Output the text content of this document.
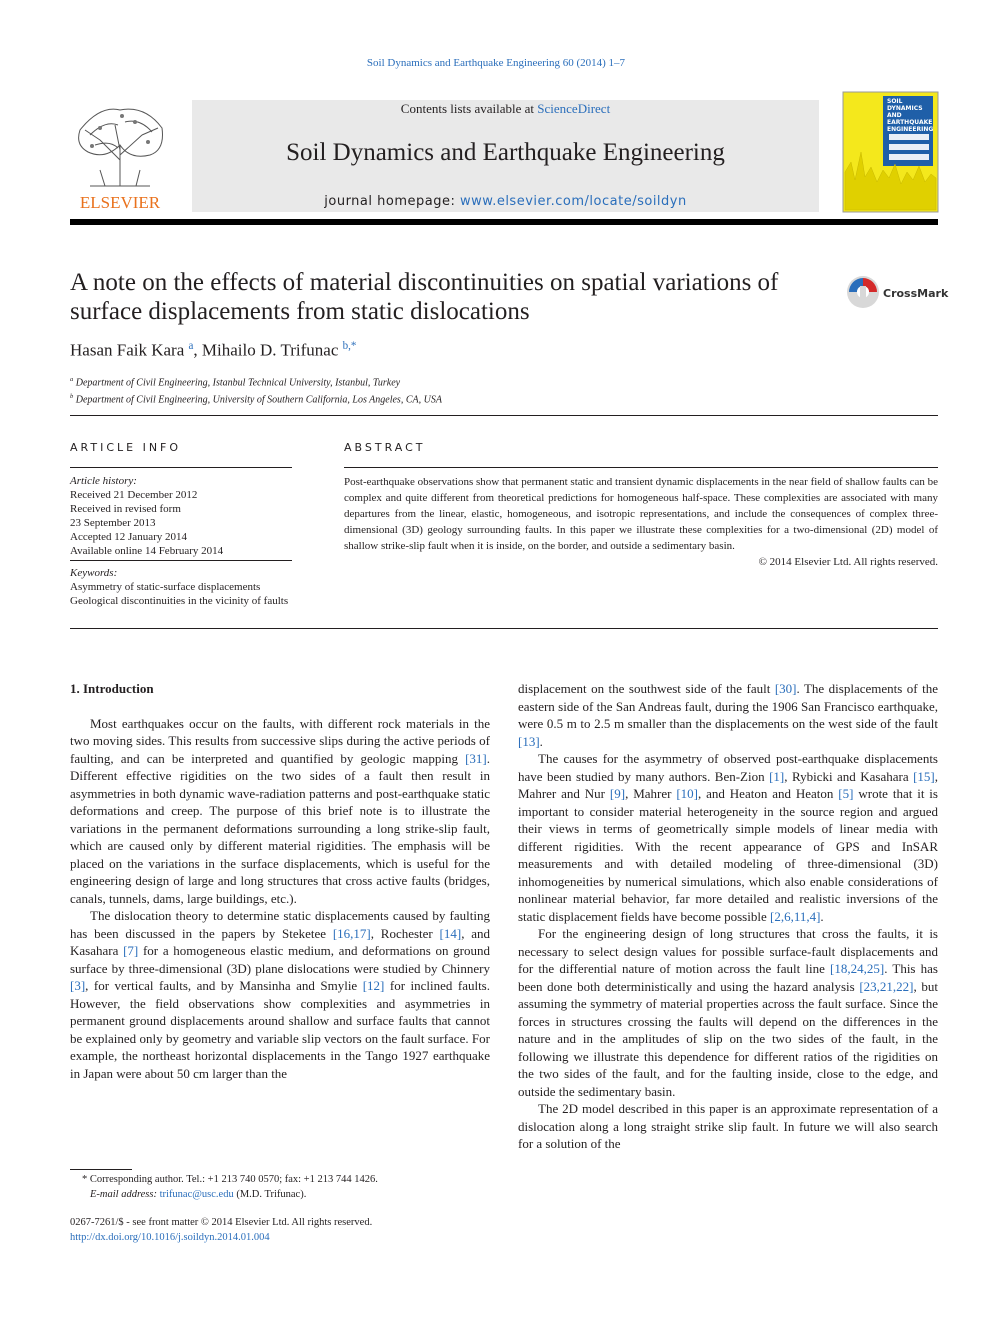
Soil Dynamics and Earthquake Engineering 60 (2014) 1–7
ELSEVIER
Contents lists available at ScienceDirect
Soil Dynamics and Earthquake Engineering
journal homepage: www.elsevier.com/locate/soildyn
SOIL
DYNAMICS
AND
EARTHQUAKE
ENGINEERING
A note on the effects of material discontinuities on spatial variations of surface displacements from static dislocations
CrossMark
Hasan Faik Kara $^a$, Mihailo D. Trifunac $^{b,*}$
$^a$ Department of Civil Engineering, Istanbul Technical University, Istanbul, Turkey
$^b$ Department of Civil Engineering, University of Southern California, Los Angeles, CA, USA
ARTICLE INFO	ABSTRACT
Article history:
Received 21 December 2012
Received in revised form
23 September 2013
Accepted 12 January 2014
Available online 14 February 2014
Keywords:
Asymmetry of static-surface displacements
Geological discontinuities in the vicinity of faults
Post-earthquake observations show that permanent static and transient dynamic displacements in the near field of shallow faults can be complex and quite different from theoretical predictions for homogeneous half-space. These complexities are associated with many departures from the linear, elastic, homogeneous, and isotropic representations, and include the consequences of complex three-dimensional (3D) geology surrounding faults. In this paper we illustrate these complexities for a two-dimensional (2D) model of shallow strike-slip fault when it is inside, on the border, and outside a sedimentary basin.
© 2014 Elsevier Ltd. All rights reserved.
1. Introduction

Most earthquakes occur on the faults, with different rock materials in the two moving sides. This results from successive slips during the active periods of faulting, and can be interpreted and quantified by geologic mapping [31]. Different effective rigidities on the two sides of a fault then result in asymmetries in both dynamic wave-radiation patterns and post-earthquake static deformations and creep. The purpose of this brief note is to illustrate the variations in the permanent deformations surrounding a long strike-slip fault, which are caused only by different material rigidities. The emphasis will be placed on the variations in the surface displacements, which is useful for the engineering design of large and long structures that cross active faults (bridges, canals, tunnels, dams, large buildings, etc.).

The dislocation theory to determine static displacements caused by faulting has been discussed in the papers by Steketee [16,17], Rochester [14], and Kasahara [7] for a homogeneous elastic medium, and deformations on ground surface by three-dimensional (3D) plane dislocations were studied by Chinnery [3], for vertical faults, and by Mansinha and Smylie [12] for inclined faults. However, the field observations show complexities and asymmetries in permanent ground displacements around shallow and surface faults that cannot be explained only by geometry and variable slip vectors on the fault surface. For example, the northeast horizontal displacements in the Tango 1927 earthquake in Japan were about 50 cm larger than the

displacement on the southwest side of the fault [30]. The displacements of the eastern side of the San Andreas fault, during the 1906 San Francisco earthquake, were 0.5 m to 2.5 m smaller than the displacements on the west side of the fault [13].

The causes for the asymmetry of observed post-earthquake displacements have been studied by many authors. Ben-Zion [1], Rybicki and Kasahara [15], Mahrer and Nur [9], Mahrer [10], and Heaton and Heaton [5] wrote that it is important to consider material heterogeneity in the source region and argued their views in terms of geometrically simple models of linear media with different rigidities. With the recent appearance of GPS and InSAR measurements and with detailed modeling of three-dimensional (3D) inhomogeneities by numerical simulations, which also enable considerations of nonlinear material behavior, far more detailed and realistic inversions of the static displacement fields have become possible [2,6,11,4].

For the engineering design of long structures that cross the faults, it is necessary to select design values for possible surface-fault displacements and for the differential nature of motion across the fault line [18,24,25]. This has been done both deterministically and using the hazard analysis [23,21,22], but assuming the symmetry of material properties across the fault surface. Since the forces in structures crossing the faults will depend on the differences in the nature and in the amplitudes of slip on the two sides of the fault, in the following we illustrate this dependence for different ratios of the rigidities on the two sides of the fault, and for the faulting inside, close to the edge, and outside the sedimentary basin.

The 2D model described in this paper is an approximate representation of a dislocation along a long straight strike slip fault. In future we will also search for a solution of the

* Corresponding author. Tel.: +1 213 740 0570; fax: +1 213 744 1426.
E-mail address: trifunac@usc.edu (M.D. Trifunac).
0267-7261/$ - see front matter © 2014 Elsevier Ltd. All rights reserved.
http://dx.doi.org/10.1016/j.soildyn.2014.01.004
